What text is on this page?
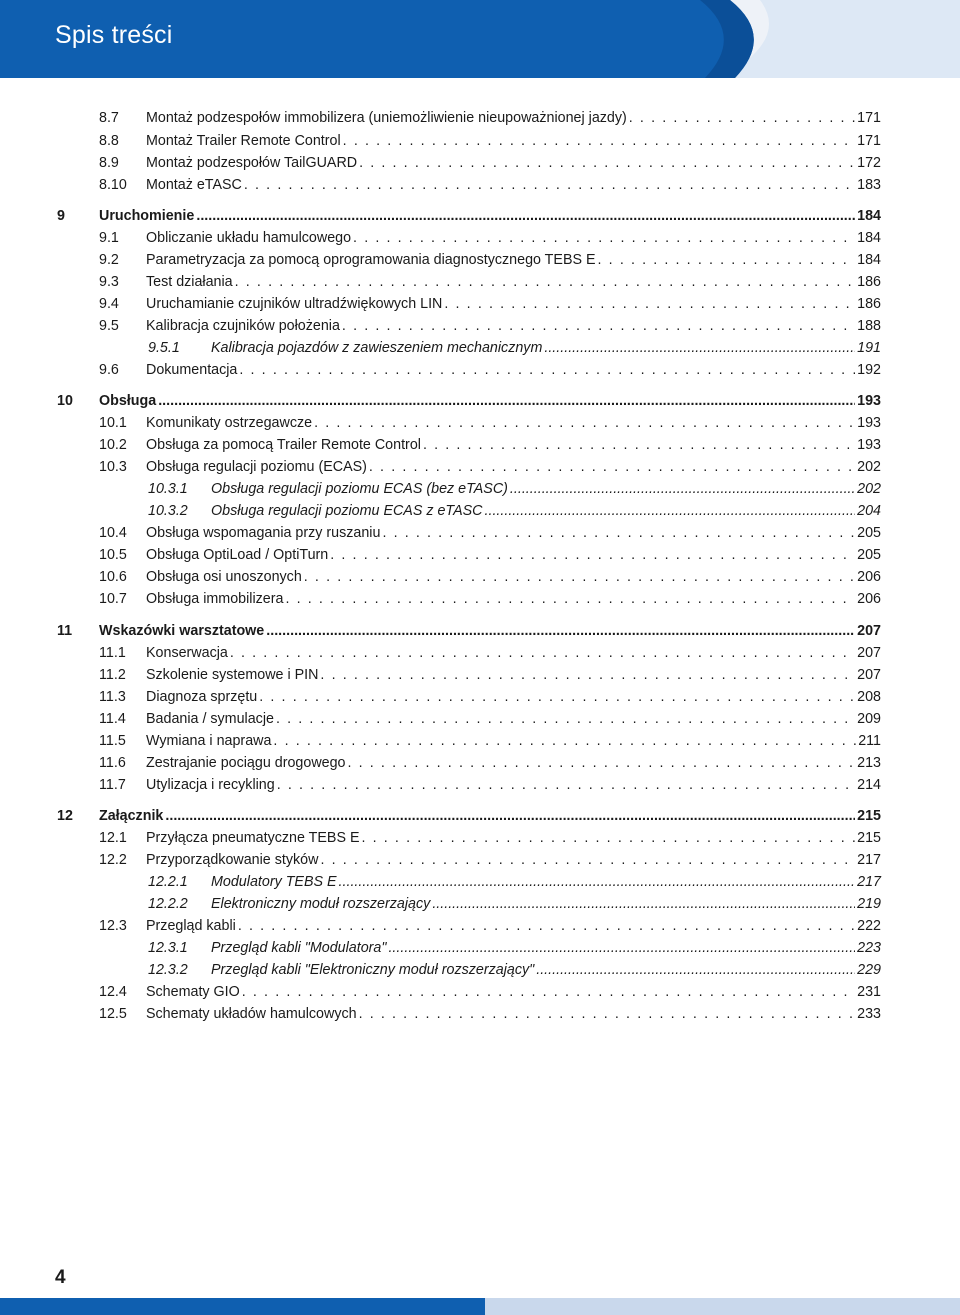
Spis treści
8.7 Montaż podzespołów immobilizera (uniemożliwienie nieupoważnionej jazdy) . . .	171
8.8 Montaż Trailer Remote Control . . .	171
8.9 Montaż podzespołów TailGUARD . . .	172
8.10 Montaż eTASC . . .	183
9 Uruchomienie .....	184
9.1 Obliczanie układu hamulcowego . . .	184
9.2 Parametryzacja za pomocą oprogramowania diagnostycznego TEBS E . . .	184
9.3 Test działania . . .	186
9.4 Uruchamianie czujników ultradźwiękowych LIN . . .	186
9.5 Kalibracja czujników położenia . . .	188
9.5.1 Kalibracja pojazdów z zawieszeniem mechanicznym .....	191
9.6 Dokumentacja . . .	192
10 Obsługa .....	193
10.1 Komunikaty ostrzegawcze . . .	193
10.2 Obsługa za pomocą Trailer Remote Control . . .	193
10.3 Obsługa regulacji poziomu (ECAS) . . .	202
10.3.1 Obsługa regulacji poziomu ECAS (bez eTASC) .....	202
10.3.2 Obsługa regulacji poziomu ECAS z eTASC .....	204
10.4 Obsługa wspomagania przy ruszaniu . . .	205
10.5 Obsługa OptiLoad / OptiTurn . . .	205
10.6 Obsługa osi unoszonych . . .	206
10.7 Obsługa immobilizera . . .	206
11 Wskazówki warsztatowe .....	207
11.1 Konserwacja . . .	207
11.2 Szkolenie systemowe i PIN . . .	207
11.3 Diagnoza sprzętu . . .	208
11.4 Badania / symulacje . . .	209
11.5 Wymiana i naprawa . . .	211
11.6 Zestrajanie pociągu drogowego . . .	213
11.7 Utylizacja i recykling . . .	214
12 Załącznik .....	215
12.1 Przyłącza pneumatyczne TEBS E . . .	215
12.2 Przyporządkowanie styków . . .	217
12.2.1 Modulatory TEBS E .....	217
12.2.2 Elektroniczny moduł rozszerzający .....	219
12.3 Przegląd kabli . . .	222
12.3.1 Przegląd kabli "Modulatora" .....	223
12.3.2 Przegląd kabli "Elektroniczny moduł rozszerzający" .....	229
12.4 Schematy GIO . . .	231
12.5 Schematy układów hamulcowych . . .	233
4
